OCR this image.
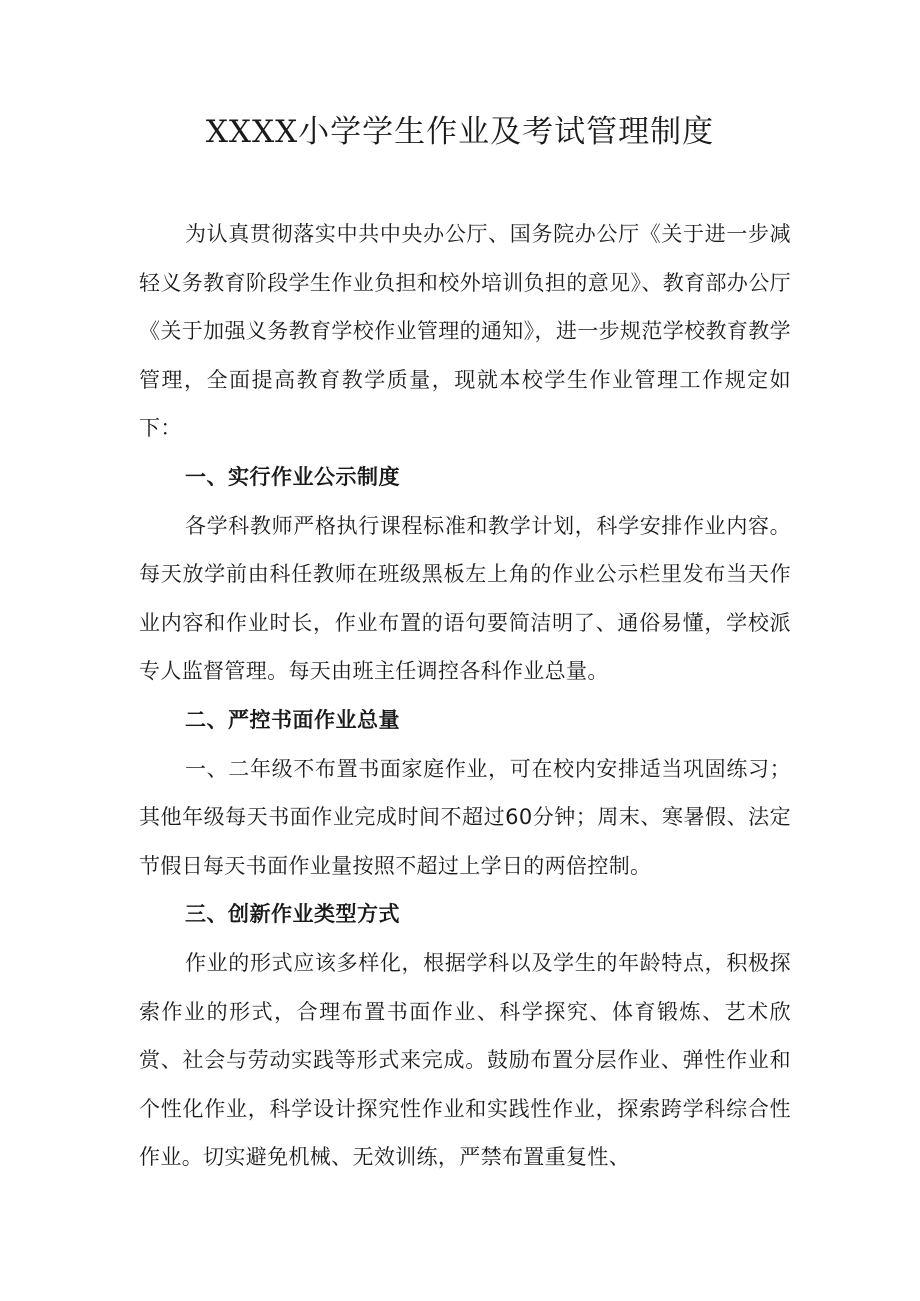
XXXX小学学生作业及考试管理制度

为认真贯彻落实中共中央办公厅、国务院办公厅《关于进一步减轻义务教育阶段学生作业负担和校外培训负担的意见》、教育部办公厅《关于加强义务教育学校作业管理的通知》，进一步规范学校教育教学管理，全面提高教育教学质量，现就本校学生作业管理工作规定如下：

一、实行作业公示制度

各学科教师严格执行课程标准和教学计划，科学安排作业内容。每天放学前由科任教师在班级黑板左上角的作业公示栏里发布当天作业内容和作业时长，作业布置的语句要简洁明了、通俗易懂，学校派专人监督管理。每天由班主任调控各科作业总量。

二、严控书面作业总量

一、二年级不布置书面家庭作业，可在校内安排适当巩固练习；其他年级每天书面作业完成时间不超过60分钟；周末、寒暑假、法定节假日每天书面作业量按照不超过上学日的两倍控制。

三、创新作业类型方式

作业的形式应该多样化，根据学科以及学生的年龄特点，积极探索作业的形式，合理布置书面作业、科学探究、体育锻炼、艺术欣赏、社会与劳动实践等形式来完成。鼓励布置分层作业、弹性作业和个性化作业，科学设计探究性作业和实践性作业，探索跨学科综合性作业。切实避免机械、无效训练，严禁布置重复性、
